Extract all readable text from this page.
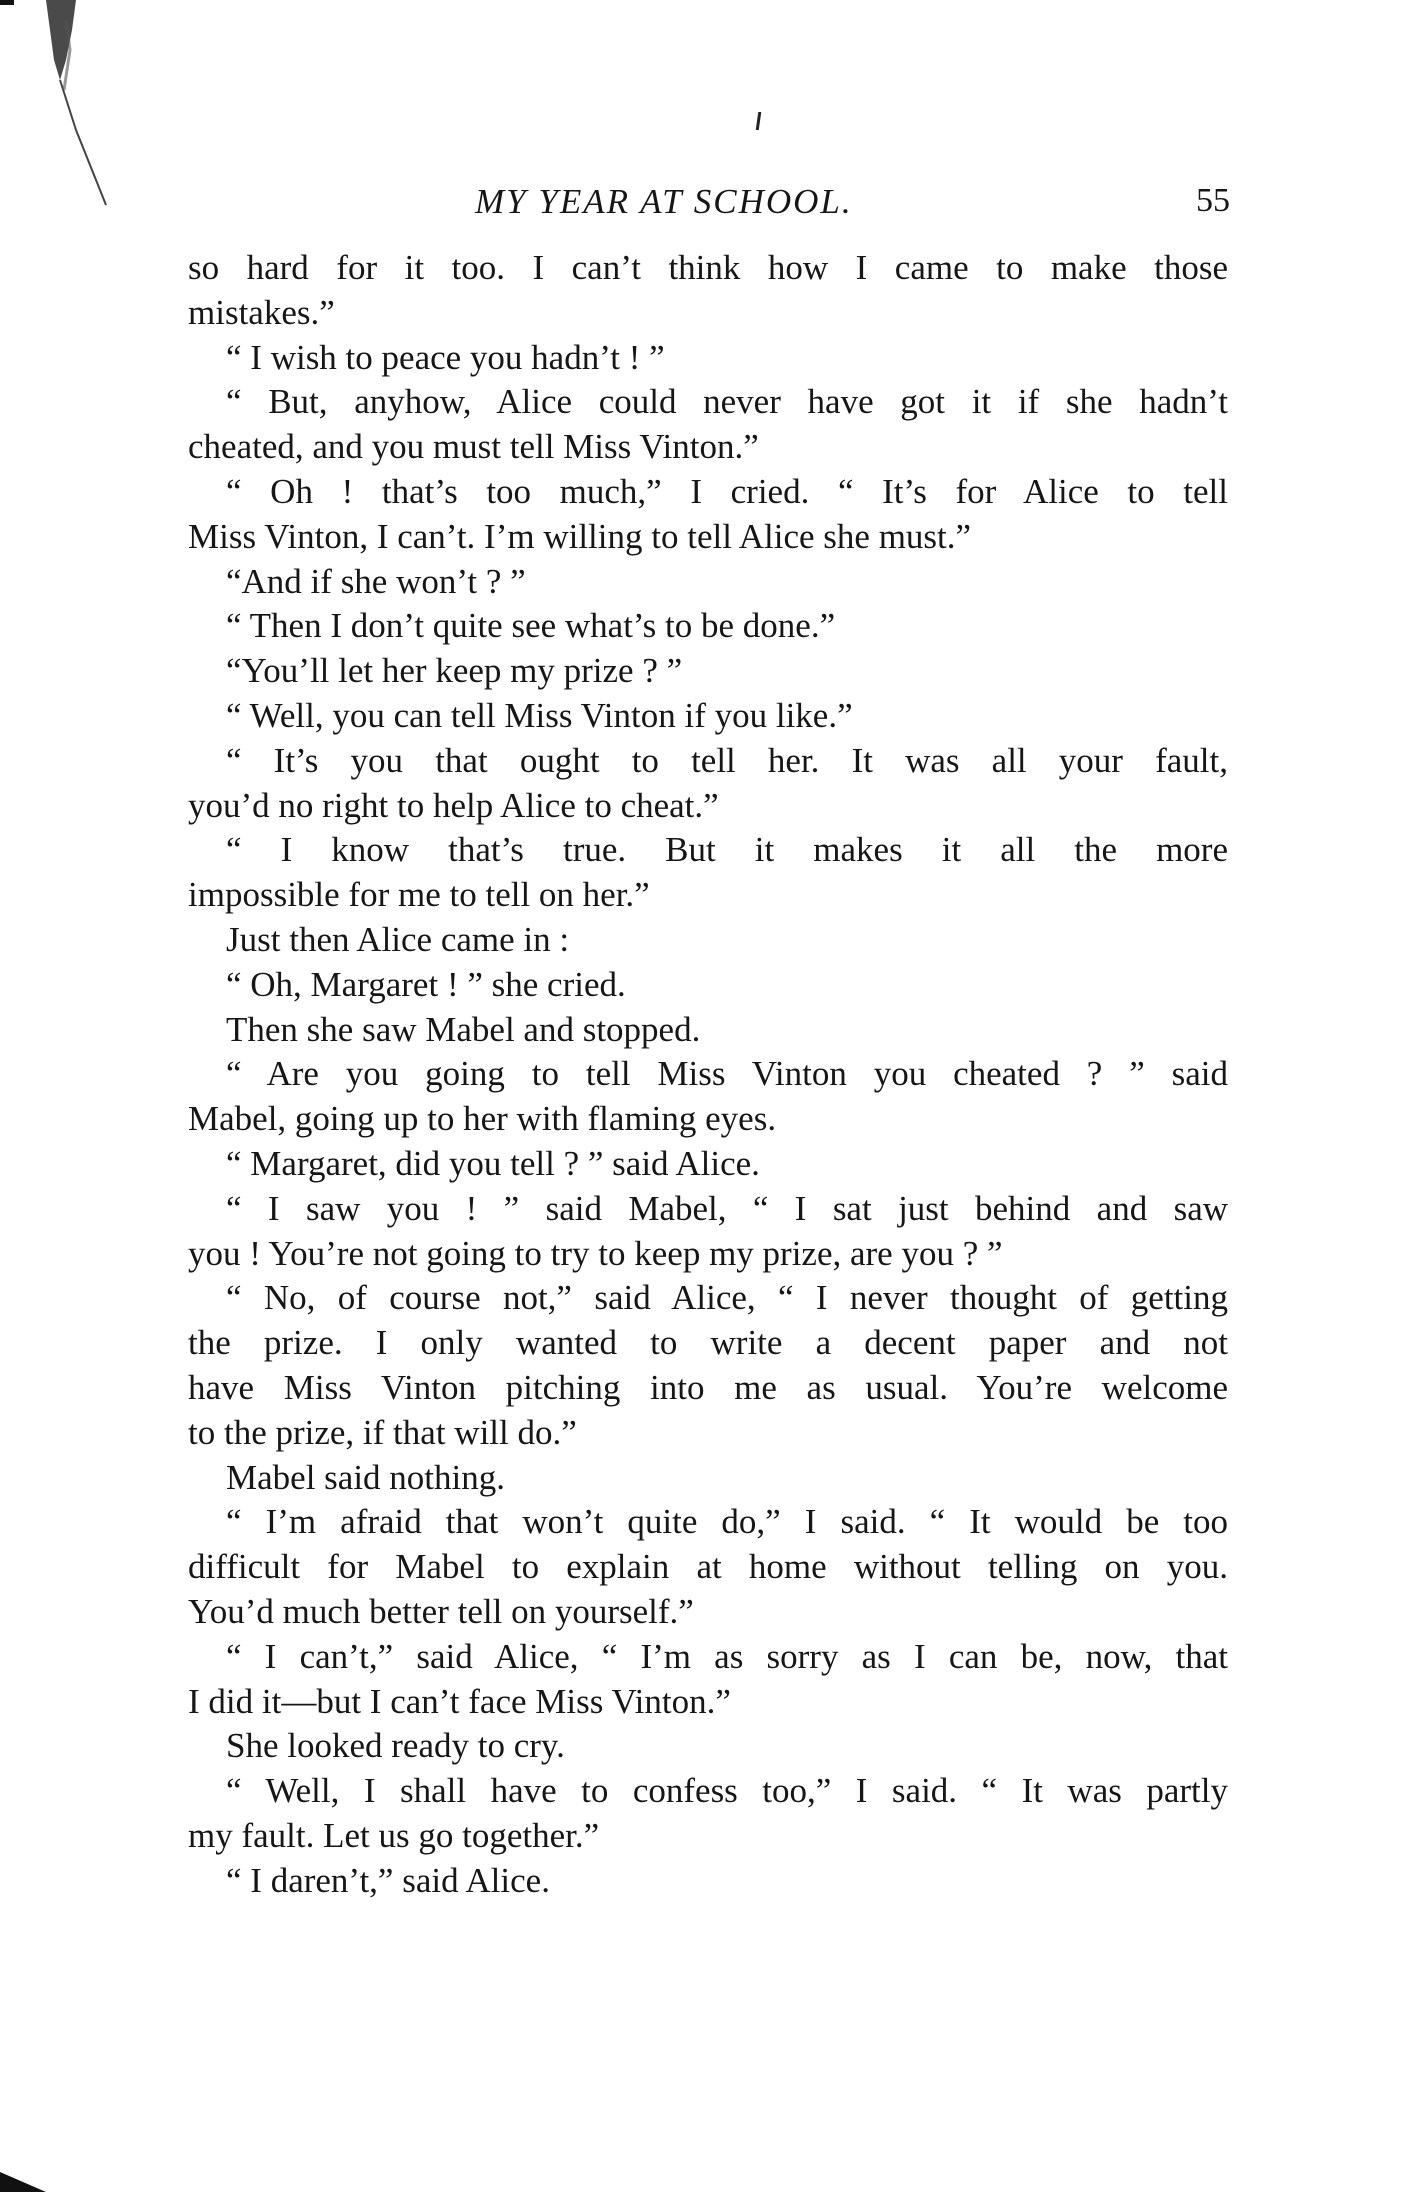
MY YEAR AT SCHOOL.	55
so hard for it too. I can’t think how I came to make those
mistakes.”
“ I wish to peace you hadn’t ! ”
“ But, anyhow, Alice could never have got it if she hadn’t
cheated, and you must tell Miss Vinton.”
“ Oh ! that’s too much,” I cried. “ It’s for Alice to tell
Miss Vinton, I can’t. I’m willing to tell Alice she must.”
“And if she won’t ? ”
“ Then I don’t quite see what’s to be done.”
“You’ll let her keep my prize ? ”
“ Well, you can tell Miss Vinton if you like.”
“ It’s you that ought to tell her. It was all your fault,
you’d no right to help Alice to cheat.”
“ I know that’s true. But it makes it all the more
impossible for me to tell on her.”
Just then Alice came in :
“ Oh, Margaret ! ” she cried.
Then she saw Mabel and stopped.
“ Are you going to tell Miss Vinton you cheated ? ” said
Mabel, going up to her with flaming eyes.
“ Margaret, did you tell ? ” said Alice.
“ I saw you ! ” said Mabel, “ I sat just behind and saw
you ! You’re not going to try to keep my prize, are you ? ”
“ No, of course not,” said Alice, “ I never thought of getting
the prize. I only wanted to write a decent paper and not
have Miss Vinton pitching into me as usual. You’re welcome
to the prize, if that will do.”
Mabel said nothing.
“ I’m afraid that won’t quite do,” I said. “ It would be too
difficult for Mabel to explain at home without telling on you.
You’d much better tell on yourself.”
“ I can’t,” said Alice, “ I’m as sorry as I can be, now, that
I did it—but I can’t face Miss Vinton.”
She looked ready to cry.
“ Well, I shall have to confess too,” I said. “ It was partly
my fault. Let us go together.”
“ I daren’t,” said Alice.
